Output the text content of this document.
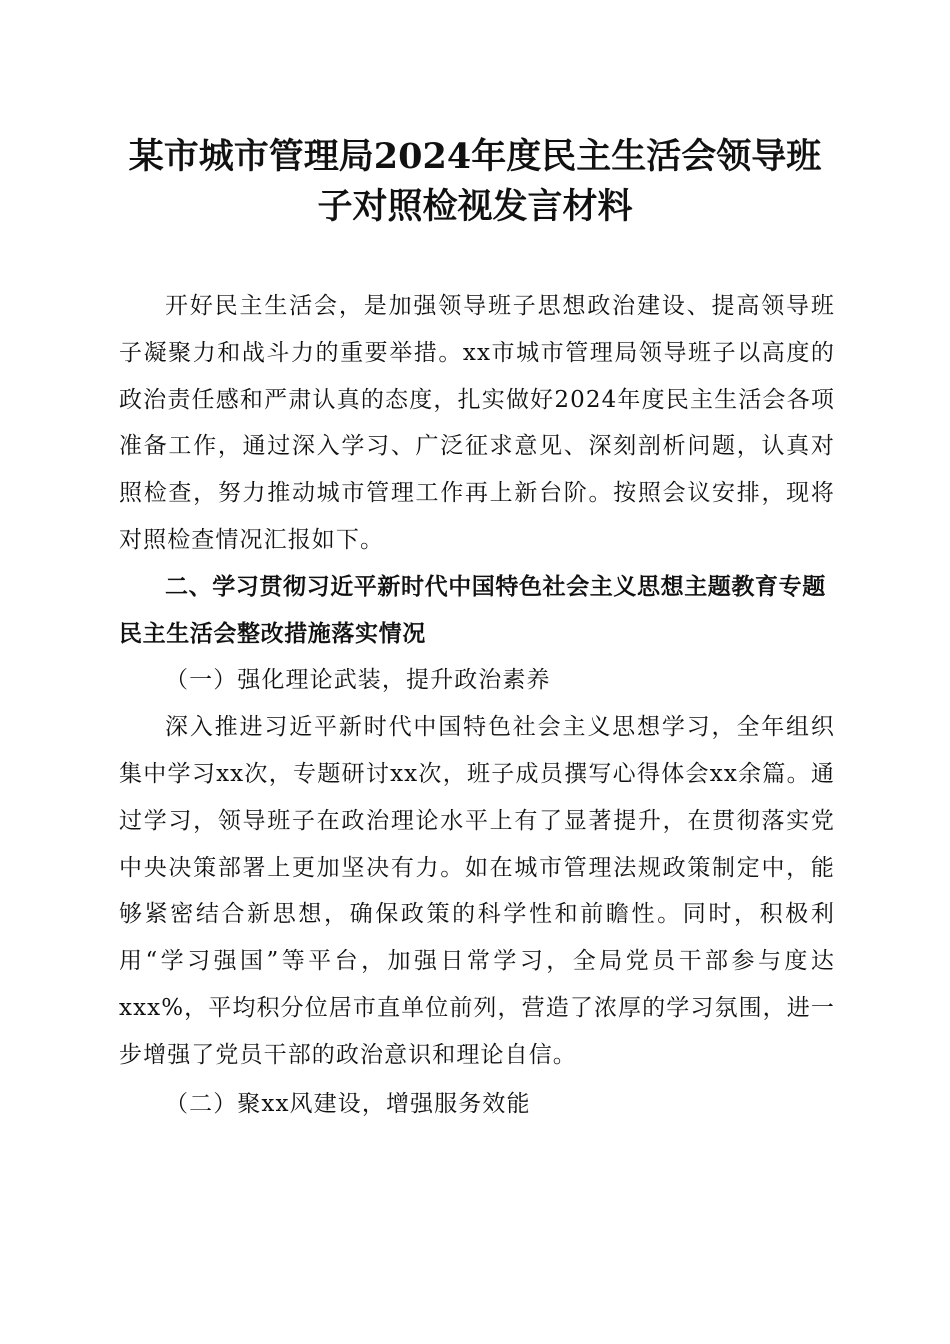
某市城市管理局2024年度民主生活会领导班
子对照检视发言材料

开好民主生活会，是加强领导班子思想政治建设、提高领导班子凝聚力和战斗力的重要举措。xx市城市管理局领导班子以高度的政治责任感和严肃认真的态度，扎实做好2024年度民主生活会各项准备工作，通过深入学习、广泛征求意见、深刻剖析问题，认真对照检查，努力推动城市管理工作再上新台阶。按照会议安排，现将对照检查情况汇报如下。

二、学习贯彻习近平新时代中国特色社会主义思想主题教育专题民主生活会整改措施落实情况

（一）强化理论武装，提升政治素养

深入推进习近平新时代中国特色社会主义思想学习，全年组织集中学习xx次，专题研讨xx次，班子成员撰写心得体会xx余篇。通过学习，领导班子在政治理论水平上有了显著提升，在贯彻落实党中央决策部署上更加坚决有力。如在城市管理法规政策制定中，能够紧密结合新思想，确保政策的科学性和前瞻性。同时，积极利用“学习强国”等平台，加强日常学习，全局党员干部参与度达xxx%，平均积分位居市直单位前列，营造了浓厚的学习氛围，进一步增强了党员干部的政治意识和理论自信。

（二）聚xx风建设，增强服务效能
